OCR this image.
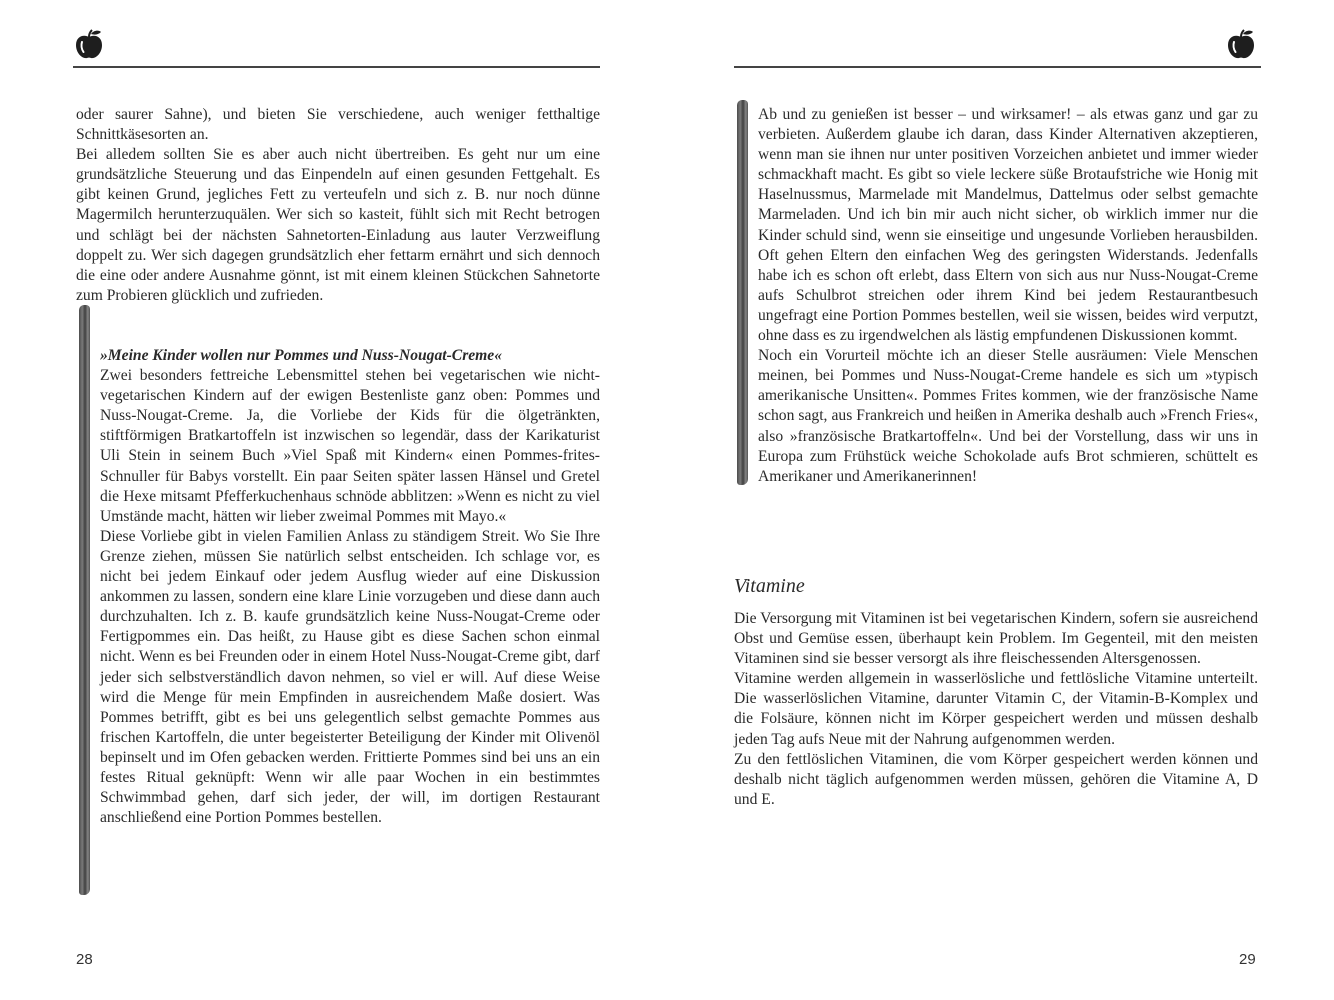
oder saurer Sahne), und bieten Sie verschiedene, auch weniger fetthaltige Schnittkäsesorten an.

Bei alledem sollten Sie es aber auch nicht übertreiben. Es geht nur um eine grundsätzliche Steuerung und das Einpendeln auf einen gesunden Fettgehalt. Es gibt keinen Grund, jegliches Fett zu verteufeln und sich z. B. nur noch dünne Magermilch herunterzuquälen. Wer sich so kasteit, fühlt sich mit Recht betrogen und schlägt bei der nächsten Sahnetorten-Einladung aus lauter Verzweiflung doppelt zu. Wer sich dagegen grundsätzlich eher fettarm ernährt und sich dennoch die eine oder andere Ausnahme gönnt, ist mit einem kleinen Stückchen Sahnetorte zum Probieren glücklich und zufrieden.

»Meine Kinder wollen nur Pommes und Nuss-Nougat-Creme«

Zwei besonders fettreiche Lebensmittel stehen bei vegetarischen wie nicht-vegetarischen Kindern auf der ewigen Bestenliste ganz oben: Pommes und Nuss-Nougat-Creme. Ja, die Vorliebe der Kids für die ölgetränkten, stiftförmigen Bratkartoffeln ist inzwischen so legendär, dass der Karikaturist Uli Stein in seinem Buch »Viel Spaß mit Kindern« einen Pommes-frites-Schnuller für Babys vorstellt. Ein paar Seiten später lassen Hänsel und Gretel die Hexe mitsamt Pfefferkuchenhaus schnöde abblitzen: »Wenn es nicht zu viel Umstände macht, hätten wir lieber zweimal Pommes mit Mayo.«

Diese Vorliebe gibt in vielen Familien Anlass zu ständigem Streit. Wo Sie Ihre Grenze ziehen, müssen Sie natürlich selbst entscheiden. Ich schlage vor, es nicht bei jedem Einkauf oder jedem Ausflug wieder auf eine Diskussion ankommen zu lassen, sondern eine klare Linie vorzugeben und diese dann auch durchzuhalten. Ich z. B. kaufe grundsätzlich keine Nuss-Nougat-Creme oder Fertigpommes ein. Das heißt, zu Hause gibt es diese Sachen schon einmal nicht. Wenn es bei Freunden oder in einem Hotel Nuss-Nougat-Creme gibt, darf jeder sich selbstverständlich davon nehmen, so viel er will. Auf diese Weise wird die Menge für mein Empfinden in ausreichendem Maße dosiert. Was Pommes betrifft, gibt es bei uns gelegentlich selbst gemachte Pommes aus frischen Kartoffeln, die unter begeisterter Beteiligung der Kinder mit Olivenöl bepinselt und im Ofen gebacken werden. Frittierte Pommes sind bei uns an ein festes Ritual geknüpft: Wenn wir alle paar Wochen in ein bestimmtes Schwimmbad gehen, darf sich jeder, der will, im dortigen Restaurant anschließend eine Portion Pommes bestellen.

28

Ab und zu genießen ist besser – und wirksamer! – als etwas ganz und gar zu verbieten. Außerdem glaube ich daran, dass Kinder Alternativen akzeptieren, wenn man sie ihnen nur unter positiven Vorzeichen anbietet und immer wieder schmackhaft macht. Es gibt so viele leckere süße Brotaufstriche wie Honig mit Haselnussmus, Marmelade mit Mandelmus, Dattelmus oder selbst gemachte Marmeladen. Und ich bin mir auch nicht sicher, ob wirklich immer nur die Kinder schuld sind, wenn sie einseitige und ungesunde Vorlieben herausbilden. Oft gehen Eltern den einfachen Weg des geringsten Widerstands. Jedenfalls habe ich es schon oft erlebt, dass Eltern von sich aus nur Nuss-Nougat-Creme aufs Schulbrot streichen oder ihrem Kind bei jedem Restaurantbesuch ungefragt eine Portion Pommes bestellen, weil sie wissen, beides wird verputzt, ohne dass es zu irgendwelchen als lästig empfundenen Diskussionen kommt.

Noch ein Vorurteil möchte ich an dieser Stelle ausräumen: Viele Menschen meinen, bei Pommes und Nuss-Nougat-Creme handele es sich um »typisch amerikanische Unsitten«. Pommes Frites kommen, wie der französische Name schon sagt, aus Frankreich und heißen in Amerika deshalb auch »French Fries«, also »französische Bratkartoffeln«. Und bei der Vorstellung, dass wir uns in Europa zum Frühstück weiche Schokolade aufs Brot schmieren, schüttelt es Amerikaner und Amerikanerinnen!

Vitamine

Die Versorgung mit Vitaminen ist bei vegetarischen Kindern, sofern sie ausreichend Obst und Gemüse essen, überhaupt kein Problem. Im Gegenteil, mit den meisten Vitaminen sind sie besser versorgt als ihre fleischessenden Altersgenossen.

Vitamine werden allgemein in wasserlösliche und fettlösliche Vitamine unterteilt. Die wasserlöslichen Vitamine, darunter Vitamin C, der Vitamin-B-Komplex und die Folsäure, können nicht im Körper gespeichert werden und müssen deshalb jeden Tag aufs Neue mit der Nahrung aufgenommen werden.

Zu den fettlöslichen Vitaminen, die vom Körper gespeichert werden können und deshalb nicht täglich aufgenommen werden müssen, gehören die Vitamine A, D und E.

29
